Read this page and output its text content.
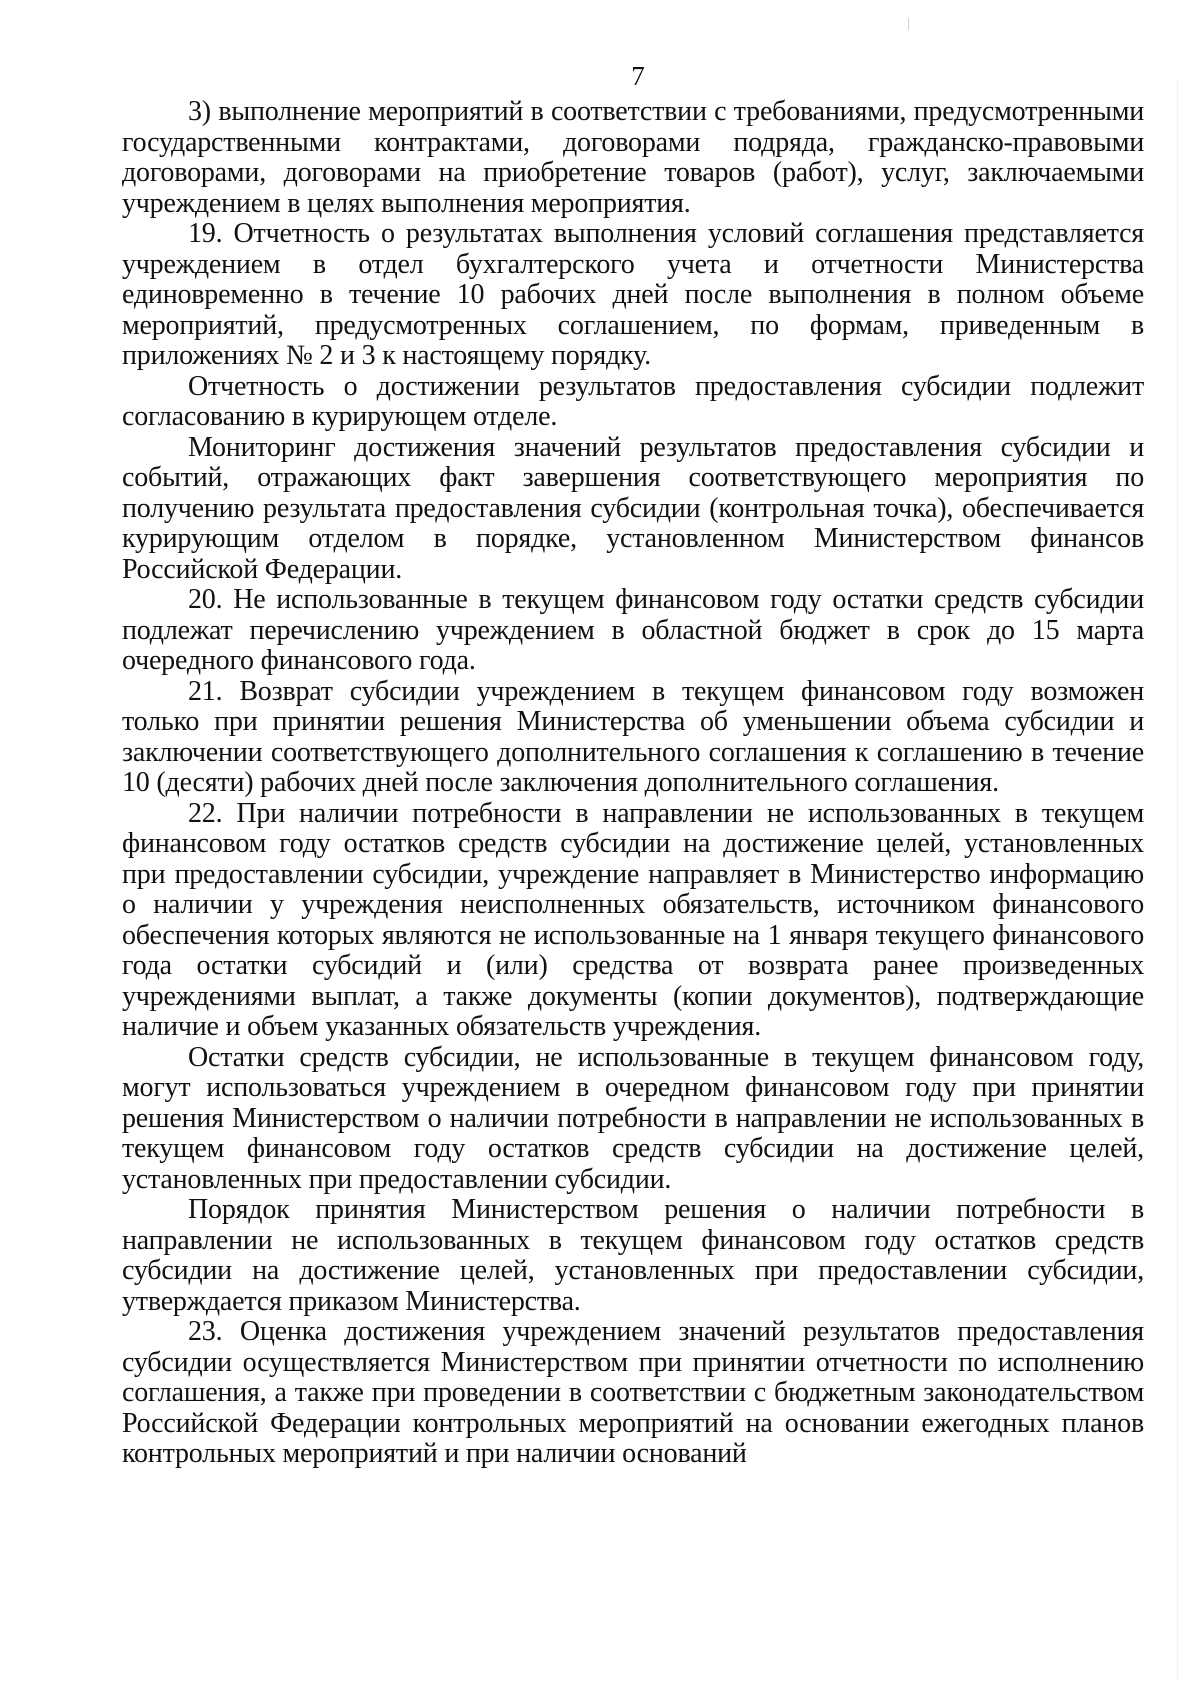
7

3) выполнение мероприятий в соответствии с требованиями, предусмотренными государственными контрактами, договорами подряда, гражданско-правовыми договорами, договорами на приобретение товаров (работ), услуг, заключаемыми учреждением в целях выполнения мероприятия.

19. Отчетность о результатах выполнения условий соглашения представляется учреждением в отдел бухгалтерского учета и отчетности Министерства единовременно в течение 10 рабочих дней после выполнения в полном объеме мероприятий, предусмотренных соглашением, по формам, приведенным в приложениях № 2 и 3 к настоящему порядку.

Отчетность о достижении результатов предоставления субсидии подлежит согласованию в курирующем отделе.

Мониторинг достижения значений результатов предоставления субсидии и событий, отражающих факт завершения соответствующего мероприятия по получению результата предоставления субсидии (контрольная точка), обеспечивается курирующим отделом в порядке, установленном Министерством финансов Российской Федерации.

20. Не использованные в текущем финансовом году остатки средств субсидии подлежат перечислению учреждением в областной бюджет в срок до 15 марта очередного финансового года.

21. Возврат субсидии учреждением в текущем финансовом году возможен только при принятии решения Министерства об уменьшении объема субсидии и заключении соответствующего дополнительного соглашения к соглашению в течение 10 (десяти) рабочих дней после заключения дополнительного соглашения.

22. При наличии потребности в направлении не использованных в текущем финансовом году остатков средств субсидии на достижение целей, установленных при предоставлении субсидии, учреждение направляет в Министерство информацию о наличии у учреждения неисполненных обязательств, источником финансового обеспечения которых являются не использованные на 1 января текущего финансового года остатки субсидий и (или) средства от возврата ранее произведенных учреждениями выплат, а также документы (копии документов), подтверждающие наличие и объем указанных обязательств учреждения.

Остатки средств субсидии, не использованные в текущем финансовом году, могут использоваться учреждением в очередном финансовом году при принятии решения Министерством о наличии потребности в направлении не использованных в текущем финансовом году остатков средств субсидии на достижение целей, установленных при предоставлении субсидии.

Порядок принятия Министерством решения о наличии потребности в направлении не использованных в текущем финансовом году остатков средств субсидии на достижение целей, установленных при предоставлении субсидии, утверждается приказом Министерства.

23. Оценка достижения учреждением значений результатов предоставления субсидии осуществляется Министерством при принятии отчетности по исполнению соглашения, а также при проведении в соответствии с бюджетным законодательством Российской Федерации контрольных мероприятий на основании ежегодных планов контрольных мероприятий и при наличии оснований
